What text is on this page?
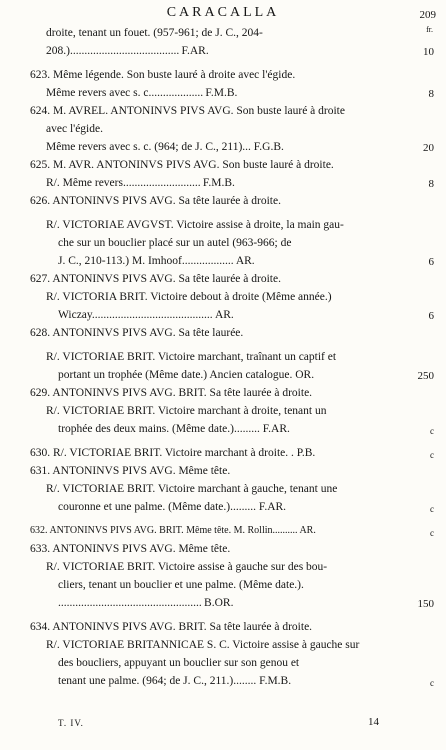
CARACALLA	209
fr.
droite, tenant un fouet. (957-961; de J. C., 204-
208.)...................................... F.AR.	10
623. Même légende. Son buste lauré à droite avec l'égide.
Même revers avec s. c................... F.M.B.	8
624. M. AVREL. ANTONINVS PIVS AVG. Son buste lauré à droite
avec l'égide.
Même revers avec s. c. (964; de J. C., 211)... F.G.B.	20
625. M. AVR. ANTONINVS PIVS AVG. Son buste lauré à droite.
R/. Même revers........................... F.M.B.	8
626. ANTONINVS PIVS AVG. Sa tête laurée à droite.
R/. VICTORIAE AVGVST. Victoire assise à droite, la main gau-
che sur un bouclier placé sur un autel (963-966; de
J. C., 210-113.) M. Imhoof.................. AR.	6
627. ANTONINVS PIVS AVG. Sa tête laurée à droite.
R/. VICTORIA BRIT. Victoire debout à droite (Même année.)
Wiczay.......................................... AR.	6
628. ANTONINVS PIVS AVG. Sa tête laurée.
R/. VICTORIAE BRIT. Victoire marchant, traînant un captif et
portant un trophée (Même date.) Ancien catalogue. OR.	250
629. ANTONINVS PIVS AVG. BRIT. Sa tête laurée à droite.
R/. VICTORIAE BRIT. Victoire marchant à droite, tenant un
trophée des deux mains. (Même date.)......... F.AR.	c
630. R/. VICTORIAE BRIT. Victoire marchant à droite. . P.B.	c
631. ANTONINVS PIVS AVG. Même tête.
R/. VICTORIAE BRIT. Victoire marchant à gauche, tenant une
couronne et une palme. (Même date.)......... F.AR.	c
632. ANTONINVS PIVS AVG. BRIT. Même tête. M. Rollin.......... AR.	c
633. ANTONINVS PIVS AVG. Même tête.
R/. VICTORIAE BRIT. Victoire assise à gauche sur des bou-
cliers, tenant un bouclier et une palme. (Même date.).
.................................................. B.OR.	150
634. ANTONINVS PIVS AVG. BRIT. Sa tête laurée à droite.
R/. VICTORIAE BRITANNICAE S. C. Victoire assise à gauche sur
des boucliers, appuyant un bouclier sur son genou et
tenant une palme. (964; de J. C., 211.)........ F.M.B.	c
T. IV.	14
